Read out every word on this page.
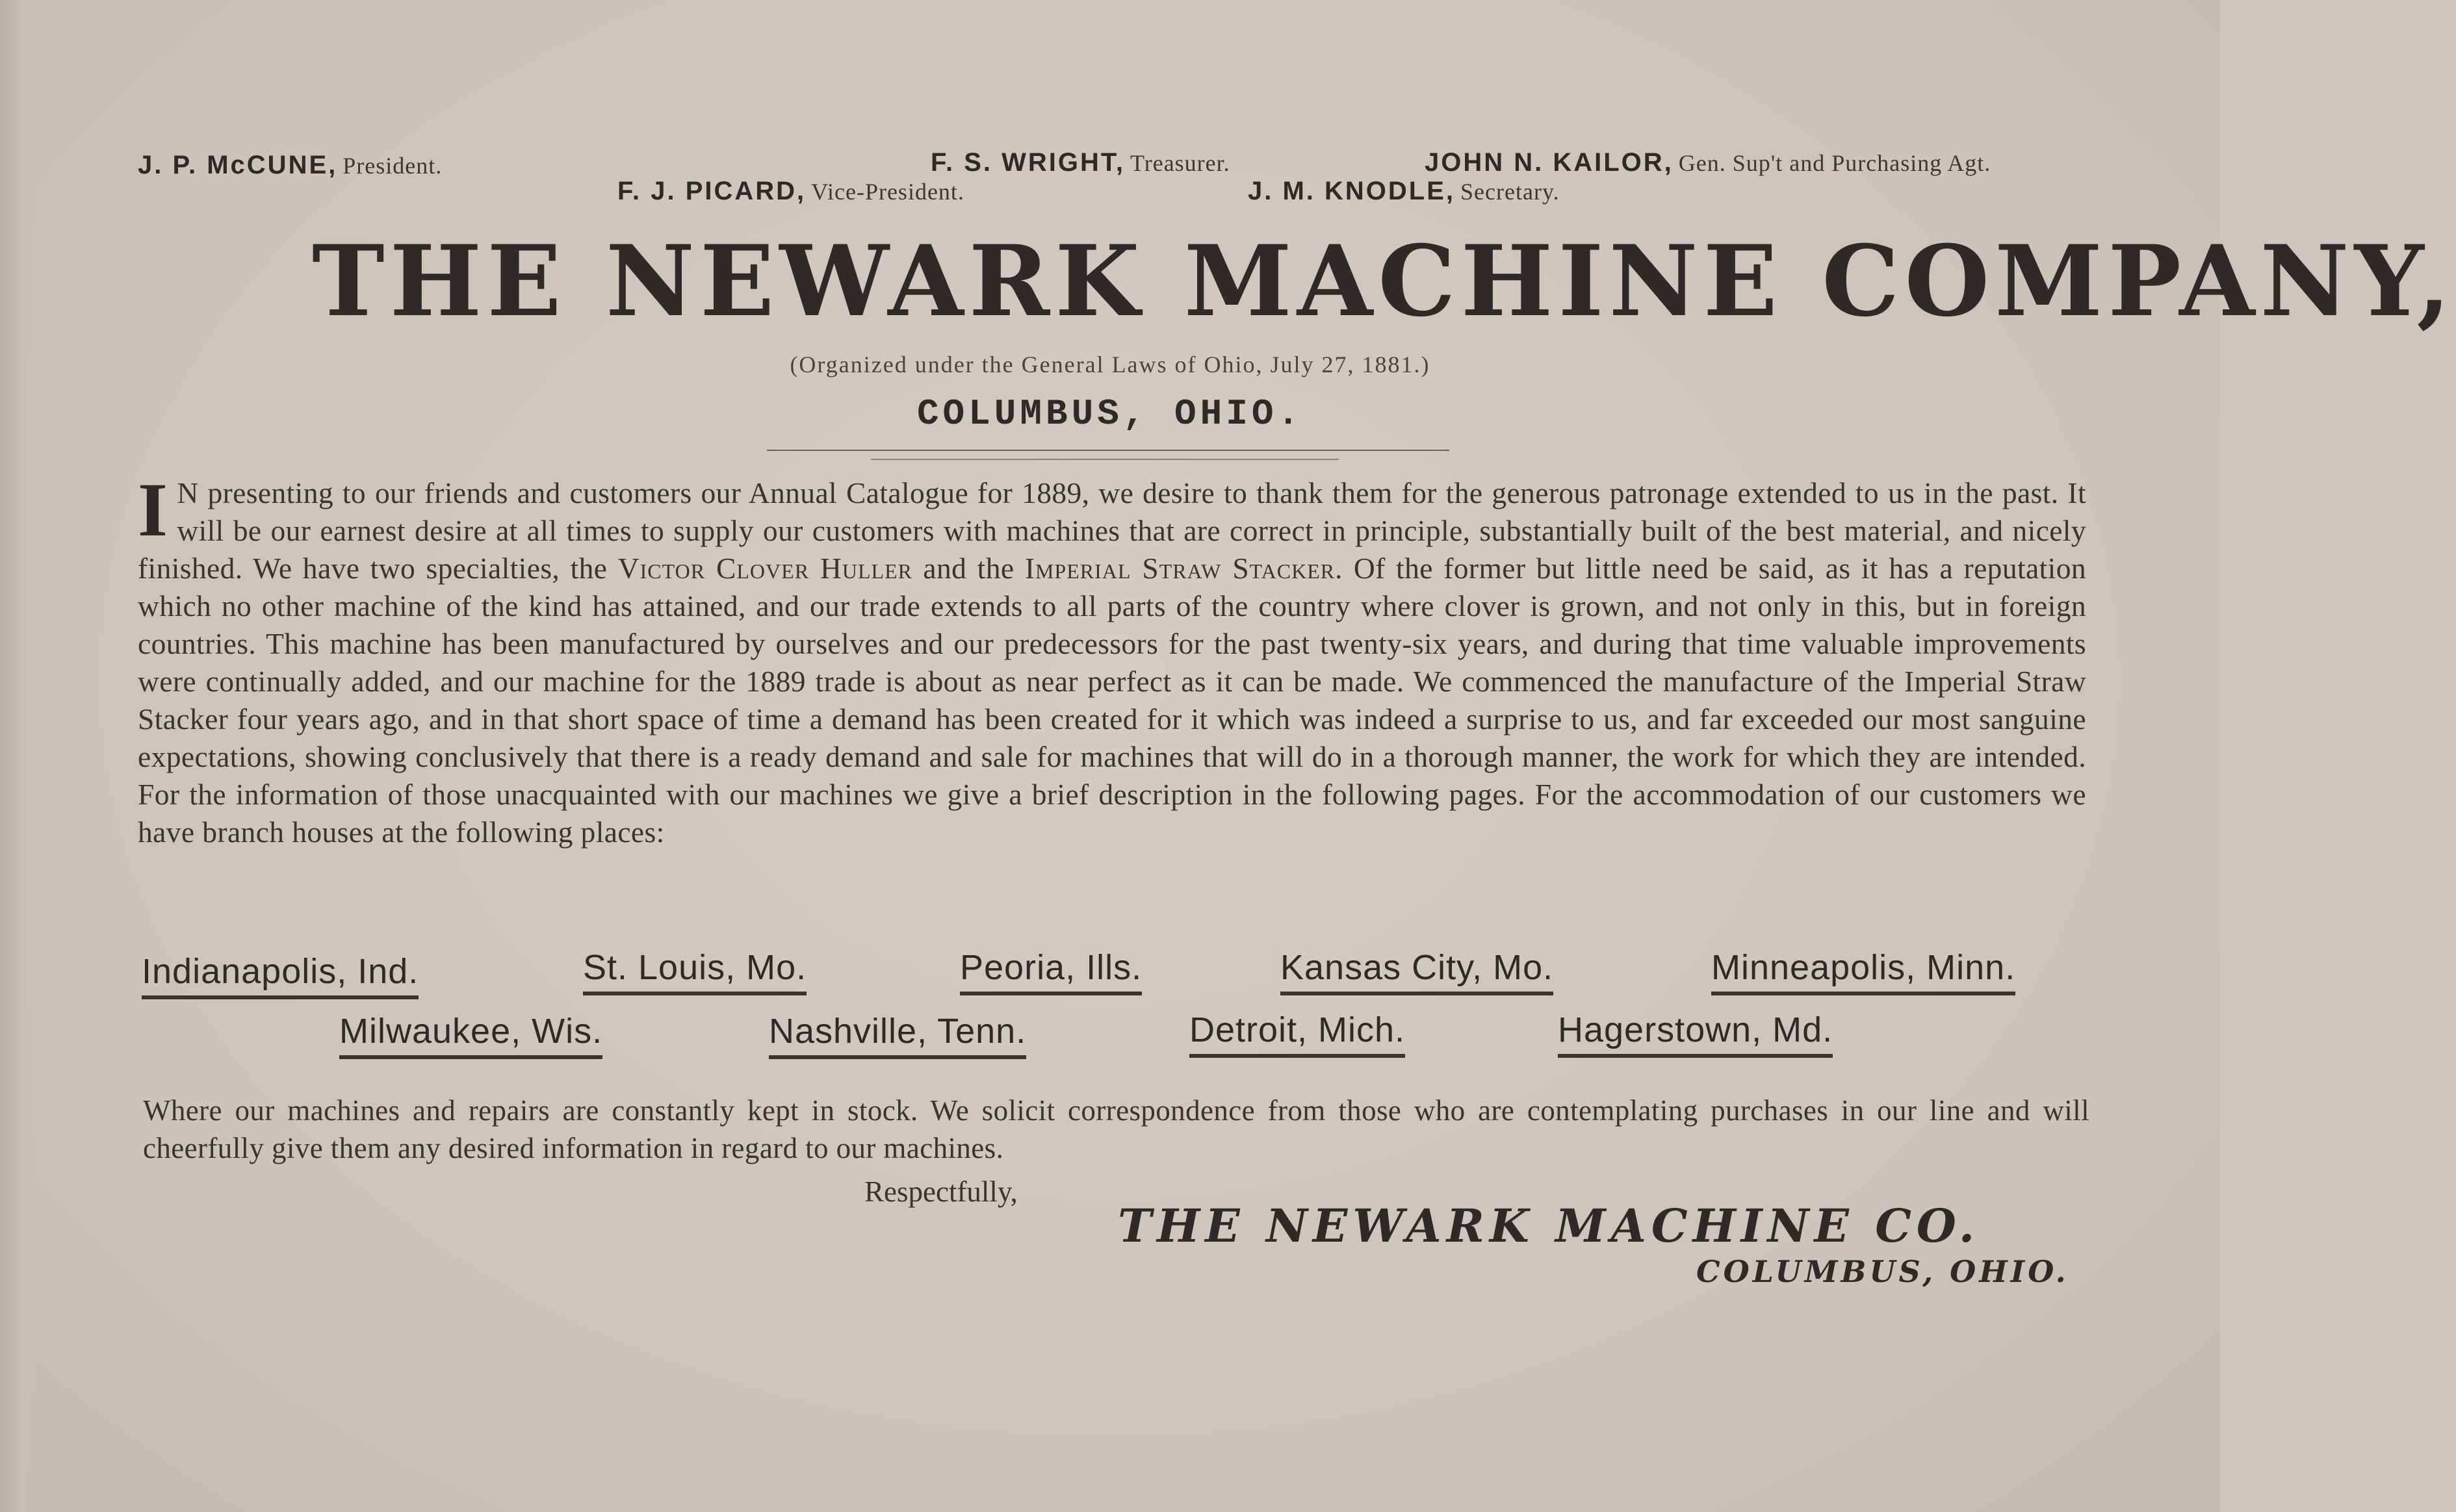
J. P. McCUNE, President.	F. S. WRIGHT, Treasurer.	JOHN N. KAILOR, Gen. Sup't and Purchasing Agt.
F. J. PICARD, Vice-President.	J. M. KNODLE, Secretary.
THE NEWARK MACHINE COMPANY,
(Organized under the General Laws of Ohio, July 27, 1881.)
COLUMBUS, OHIO.
I N presenting to our friends and customers our Annual Catalogue for 1889, we desire to thank them for the generous patronage extended to us in the past. It will be our earnest desire at all times to supply our customers with machines that are correct in principle, substantially built of the best material, and nicely finished. We have two specialties, the Victor Clover Huller and the Imperial Straw Stacker. Of the former but little need be said, as it has a reputation which no other machine of the kind has attained, and our trade extends to all parts of the country where clover is grown, and not only in this, but in foreign countries. This machine has been manufactured by ourselves and our predecessors for the past twenty-six years, and during that time valuable improvements were continually added, and our machine for the 1889 trade is about as near perfect as it can be made. We commenced the manufacture of the Imperial Straw Stacker four years ago, and in that short space of time a demand has been created for it which was indeed a surprise to us, and far exceeded our most sanguine expectations, showing conclusively that there is a ready demand and sale for machines that will do in a thorough manner, the work for which they are intended. For the information of those unacquainted with our machines we give a brief description in the following pages. For the accommodation of our customers we have branch houses at the following places:
Indianapolis, Ind.	St. Louis, Mo.	Peoria, Ills.	Kansas City, Mo.	Minneapolis, Minn.
Milwaukee, Wis.	Nashville, Tenn.	Detroit, Mich.	Hagerstown, Md.
Where our machines and repairs are constantly kept in stock. We solicit correspondence from those who are contemplating purchases in our line and will cheerfully give them any desired information in regard to our machines.
Respectfully,
THE NEWARK MACHINE CO.
COLUMBUS, OHIO.
